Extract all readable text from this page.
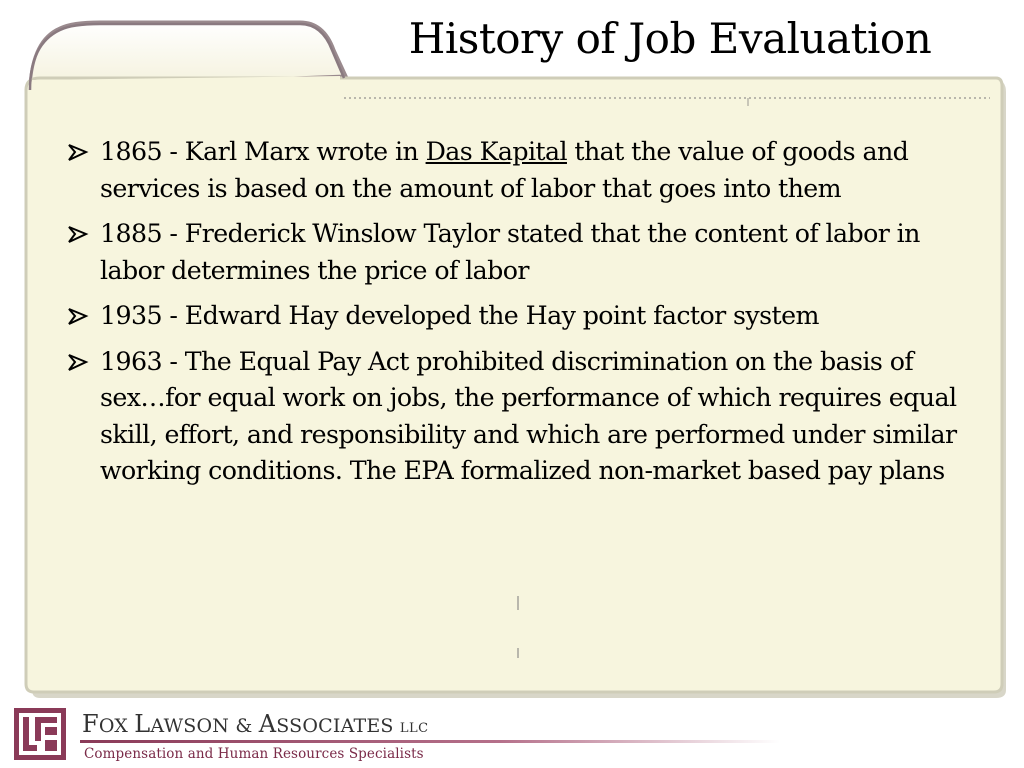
History of Job Evaluation
1865 - Karl Marx wrote in Das Kapital that the value of goods and services is based on the amount of labor that goes into them
1885 - Frederick Winslow Taylor stated that the content of labor in labor determines the price of labor
1935 - Edward Hay developed the Hay point factor system
1963 - The Equal Pay Act prohibited discrimination on the basis of sex…for equal work on jobs, the performance of which requires equal skill, effort, and responsibility and which are performed under similar working conditions. The EPA formalized non-market based pay plans
FOX LAWSON & ASSOCIATES LLC
Compensation and Human Resources Specialists
